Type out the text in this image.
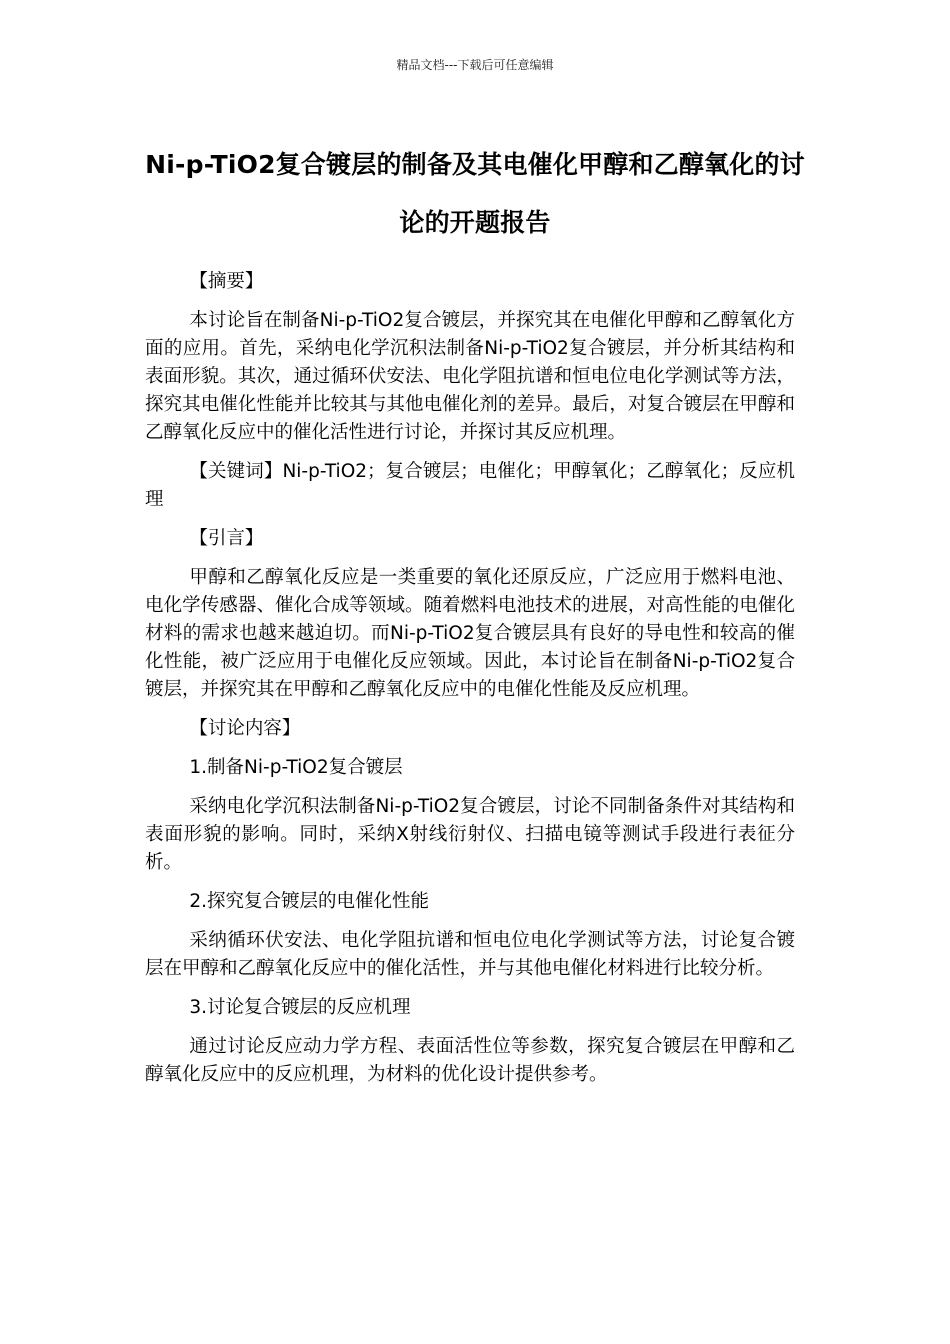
精品文档---下载后可任意编辑
Ni-p-TiO2复合镀层的制备及其电催化甲醇和乙醇氧化的讨论的开题报告

【摘要】

本讨论旨在制备Ni-p-TiO2复合镀层，并探究其在电催化甲醇和乙醇氧化方面的应用。首先，采纳电化学沉积法制备Ni-p-TiO2复合镀层，并分析其结构和表面形貌。其次，通过循环伏安法、电化学阻抗谱和恒电位电化学测试等方法，探究其电催化性能并比较其与其他电催化剂的差异。最后，对复合镀层在甲醇和乙醇氧化反应中的催化活性进行讨论，并探讨其反应机理。

【关键词】Ni-p-TiO2；复合镀层；电催化；甲醇氧化；乙醇氧化；反应机理

【引言】

甲醇和乙醇氧化反应是一类重要的氧化还原反应，广泛应用于燃料电池、电化学传感器、催化合成等领域。随着燃料电池技术的进展，对高性能的电催化材料的需求也越来越迫切。而Ni-p-TiO2复合镀层具有良好的导电性和较高的催化性能，被广泛应用于电催化反应领域。因此，本讨论旨在制备Ni-p-TiO2复合镀层，并探究其在甲醇和乙醇氧化反应中的电催化性能及反应机理。

【讨论内容】

1.制备Ni-p-TiO2复合镀层

采纳电化学沉积法制备Ni-p-TiO2复合镀层，讨论不同制备条件对其结构和表面形貌的影响。同时，采纳X射线衍射仪、扫描电镜等测试手段进行表征分析。

2.探究复合镀层的电催化性能

采纳循环伏安法、电化学阻抗谱和恒电位电化学测试等方法，讨论复合镀层在甲醇和乙醇氧化反应中的催化活性，并与其他电催化材料进行比较分析。

3.讨论复合镀层的反应机理

通过讨论反应动力学方程、表面活性位等参数，探究复合镀层在甲醇和乙醇氧化反应中的反应机理，为材料的优化设计提供参考。
